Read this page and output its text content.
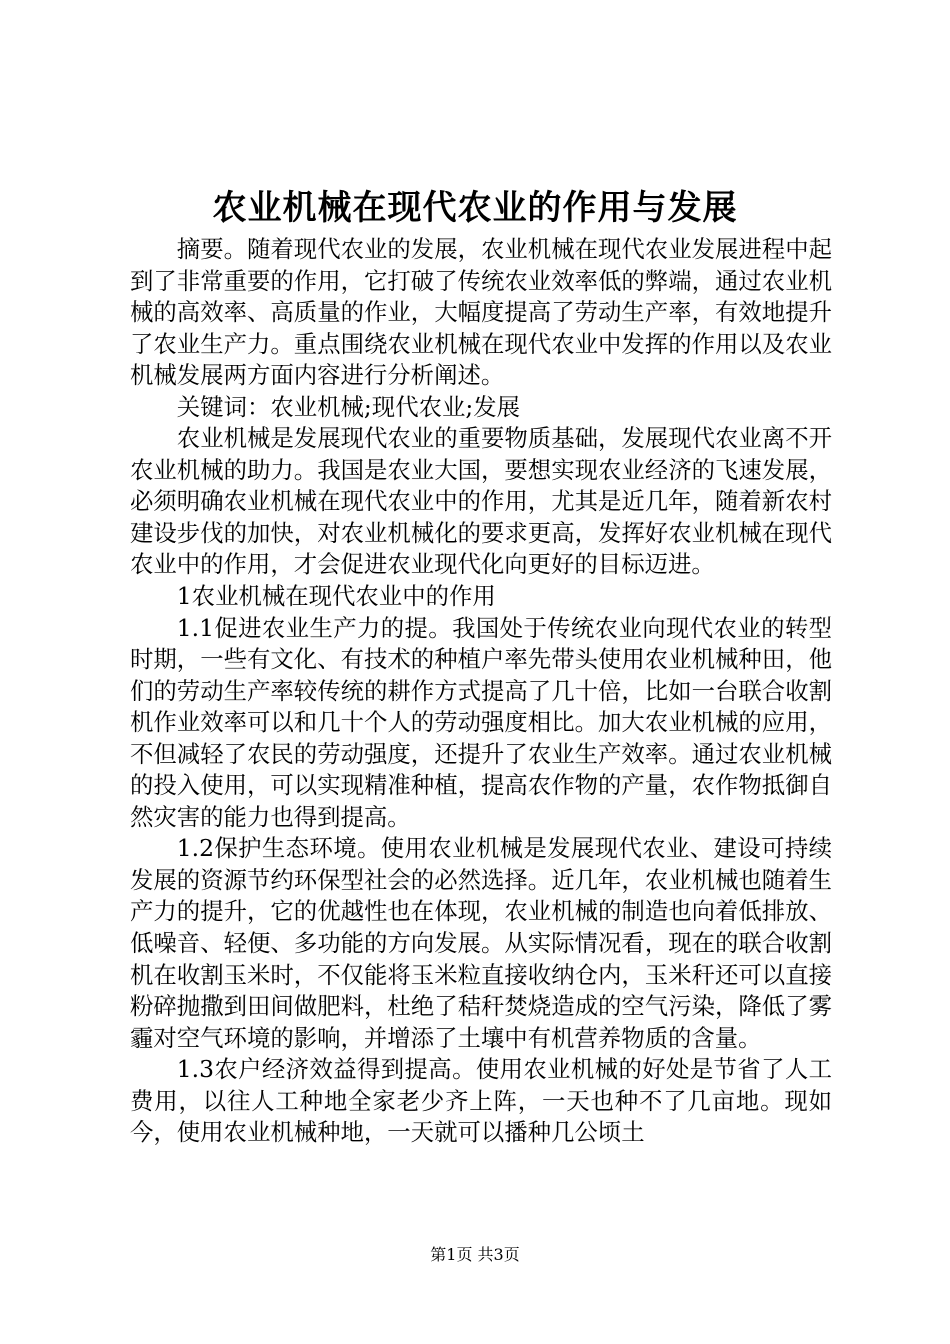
农业机械在现代农业的作用与发展

摘要。随着现代农业的发展，农业机械在现代农业发展进程中起到了非常重要的作用，它打破了传统农业效率低的弊端，通过农业机械的高效率、高质量的作业，大幅度提高了劳动生产率，有效地提升了农业生产力。重点围绕农业机械在现代农业中发挥的作用以及农业机械发展两方面内容进行分析阐述。

关键词：农业机械;现代农业;发展

农业机械是发展现代农业的重要物质基础，发展现代农业离不开农业机械的助力。我国是农业大国，要想实现农业经济的飞速发展，必须明确农业机械在现代农业中的作用，尤其是近几年，随着新农村建设步伐的加快，对农业机械化的要求更高，发挥好农业机械在现代农业中的作用，才会促进农业现代化向更好的目标迈进。

1农业机械在现代农业中的作用

1.1促进农业生产力的提。我国处于传统农业向现代农业的转型时期，一些有文化、有技术的种植户率先带头使用农业机械种田，他们的劳动生产率较传统的耕作方式提高了几十倍，比如一台联合收割机作业效率可以和几十个人的劳动强度相比。加大农业机械的应用，不但减轻了农民的劳动强度，还提升了农业生产效率。通过农业机械的投入使用，可以实现精准种植，提高农作物的产量，农作物抵御自然灾害的能力也得到提高。

1.2保护生态环境。使用农业机械是发展现代农业、建设可持续发展的资源节约环保型社会的必然选择。近几年，农业机械也随着生产力的提升，它的优越性也在体现，农业机械的制造也向着低排放、低噪音、轻便、多功能的方向发展。从实际情况看，现在的联合收割机在收割玉米时，不仅能将玉米粒直接收纳仓内，玉米秆还可以直接粉碎抛撒到田间做肥料，杜绝了秸秆焚烧造成的空气污染，降低了雾霾对空气环境的影响，并增添了土壤中有机营养物质的含量。

1.3农户经济效益得到提高。使用农业机械的好处是节省了人工费用，以往人工种地全家老少齐上阵，一天也种不了几亩地。现如今，使用农业机械种地，一天就可以播种几公顷土

第1页 共3页
